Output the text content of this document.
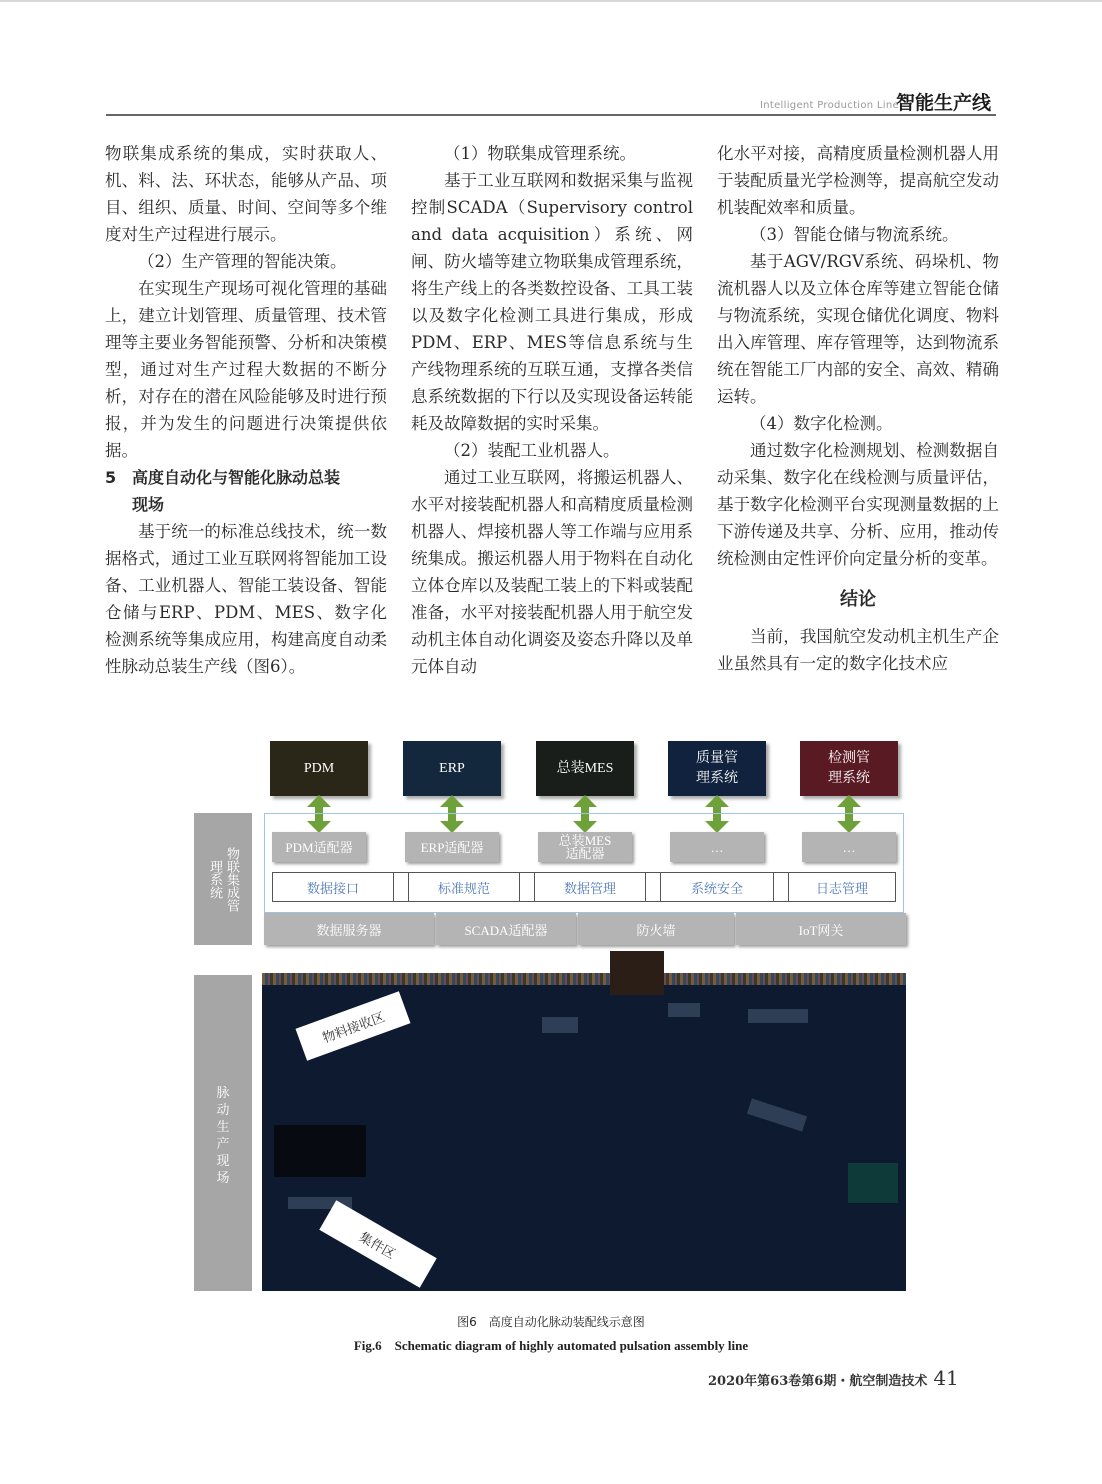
Intelligent Production Line
智能生产线

物联集成系统的集成，实时获取人、机、料、法、环状态，能够从产品、项目、组织、质量、时间、空间等多个维度对生产过程进行展示。

（2）生产管理的智能决策。

在实现生产现场可视化管理的基础上，建立计划管理、质量管理、技术管理等主要业务智能预警、分析和决策模型，通过对生产过程大数据的不断分析，对存在的潜在风险能够及时进行预报，并为发生的问题进行决策提供依据。

5 高度自动化与智能化脉动总装
现场

基于统一的标准总线技术，统一数据格式，通过工业互联网将智能加工设备、工业机器人、智能工装设备、智能仓储与ERP、PDM、MES、数字化检测系统等集成应用，构建高度自动柔性脉动总装生产线（图6）。

（1）物联集成管理系统。

基于工业互联网和数据采集与监视控制SCADA（Supervisory control and data acquisition）系统、网闸、防火墙等建立物联集成管理系统，将生产线上的各类数控设备、工具工装以及数字化检测工具进行集成，形成PDM、ERP、MES等信息系统与生产线物理系统的互联互通，支撑各类信息系统数据的下行以及实现设备运转能耗及故障数据的实时采集。

（2）装配工业机器人。

通过工业互联网，将搬运机器人、水平对接装配机器人和高精度质量检测机器人、焊接机器人等工作端与应用系统集成。搬运机器人用于物料在自动化立体仓库以及装配工装上的下料或装配准备，水平对接装配机器人用于航空发动机主体自动化调姿及姿态升降以及单元体自动

化水平对接，高精度质量检测机器人用于装配质量光学检测等，提高航空发动机装配效率和质量。

（3）智能仓储与物流系统。

基于AGV/RGV系统、码垛机、物流机器人以及立体仓库等建立智能仓储与物流系统，实现仓储优化调度、物料出入库管理、库存管理等，达到物流系统在智能工厂内部的安全、高效、精确运转。

（4）数字化检测。

通过数字化检测规划、检测数据自动采集、数字化在线检测与质量评估，基于数字化检测平台实现测量数据的上下游传递及共享、分析、应用，推动传统检测由定性评价向定量分析的变革。

结论

当前，我国航空发动机主机生产企业虽然具有一定的数字化技术应

PDM	ERP	总装MES
质量管理系统
检测管理系统
物联集成管理系统
脉动生产现场
PDM适配器	ERP适配器	总装MES适配器	…	…
数据接口	标准规范	数据管理	系统安全	日志管理
数据服务器	SCADA适配器	防火墙	IoT网关
物料接收区
集件区
图6　高度自动化脉动装配线示意图
Fig.6　Schematic diagram of highly automated pulsation assembly line
2020年第63卷第6期・航空制造技术 41
